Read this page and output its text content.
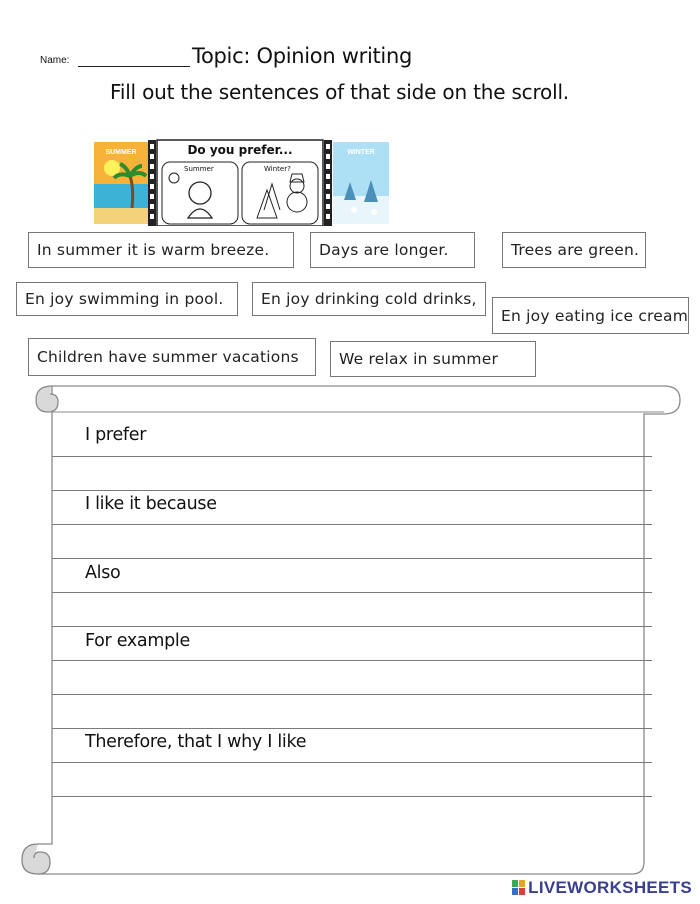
Name:	Topic: Opinion writing
Fill out the sentences of that side on the scroll.
SUMMER	Do you prefer...
Summer	Winter?
WINTER
In summer it is warm breeze.	Days are longer.	Trees are green.
En joy swimming in pool.	En joy drinking cold drinks,
En joy eating ice cream
Children have summer vacations	We relax in summer
I prefer
I like it because
Also
For example
Therefore, that I why I like
LIVEWORKSHEETS
